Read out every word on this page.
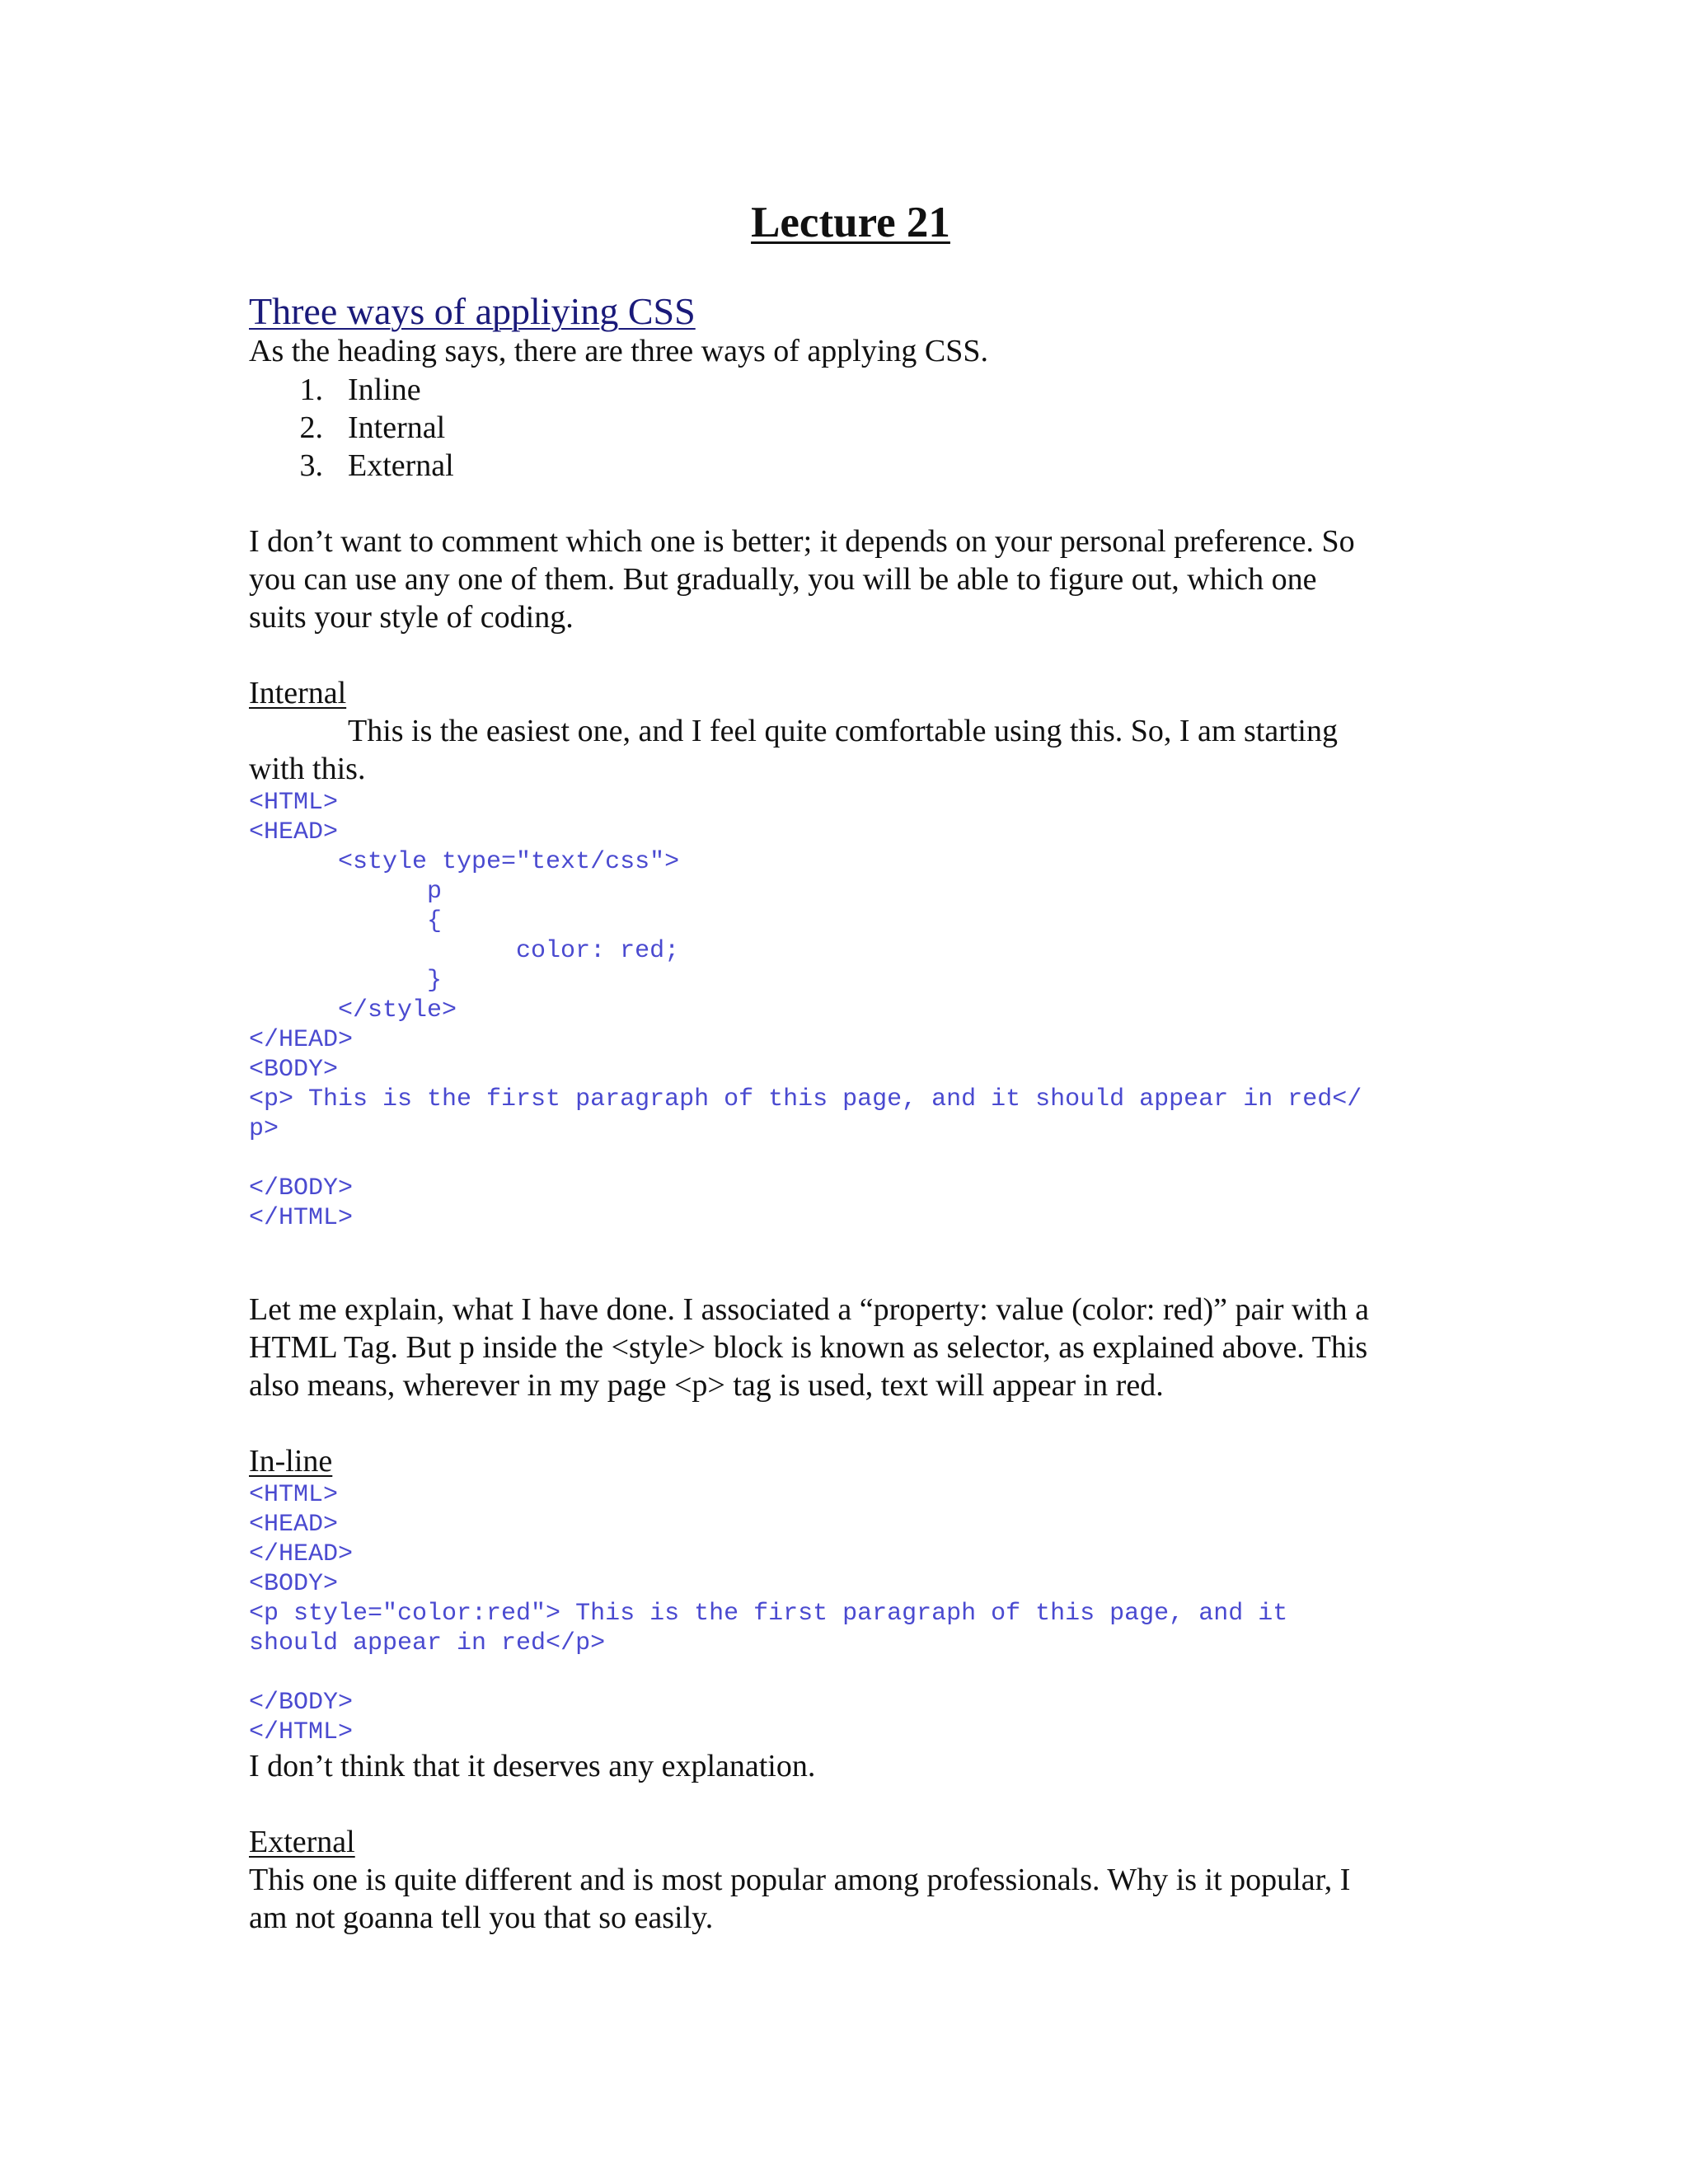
Lecture 21
Three ways of appliying CSS

As the heading says, there are three ways of applying CSS.

1. Inline
2. Internal
3. External

I don’t want to comment which one is better; it depends on your personal preference. So

you can use any one of them. But gradually, you will be able to figure out, which one

suits your style of coding.

Internal

This is the easiest one, and I feel quite comfortable using this. So, I am starting

with this.

<HTML>
<HEAD>
<style type="text/css">
p
{
color: red;
}
</style>
</HEAD>
<BODY>
<p> This is the first paragraph of this page, and it should appear in red</
p>

</BODY>
</HTML>

Let me explain, what I have done. I associated a “property: value (color: red)” pair with a

HTML Tag. But p inside the <style> block is known as selector, as explained above. This

also means, wherever in my page <p> tag is used, text will appear in red.

In-line
<HTML>
<HEAD>
</HEAD>
<BODY>
<p style="color:red"> This is the first paragraph of this page, and it
should appear in red</p>

</BODY>
</HTML>

I don’t think that it deserves any explanation.

External

This one is quite different and is most popular among professionals. Why is it popular, I

am not goanna tell you that so easily.
